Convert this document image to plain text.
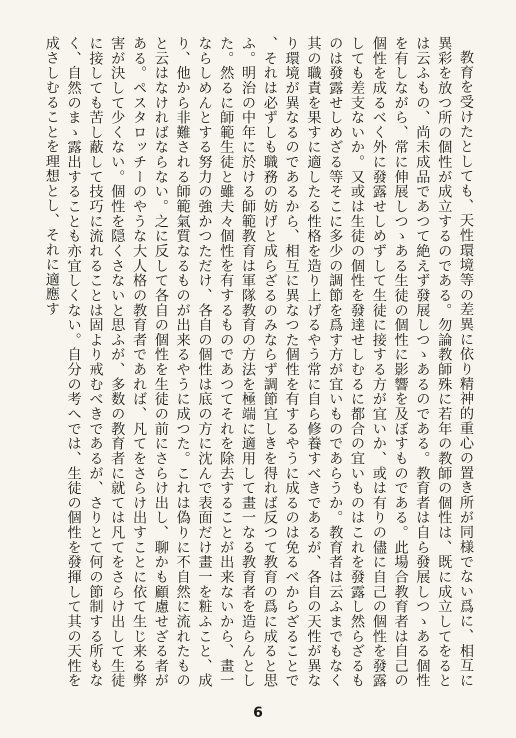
教育を受けたとしても、天性環境等の差異に依り精神的重心の置き所が同様でない爲に、相互に異彩を放つ所の個性が成立するのである。勿論教師殊に若年の教師の個性は、既に成立してをるとは云ふもの、尚未成品であつて絶えず發展しつゝあるのである。教育者は自ら發展しつゝある個性を有しながら、常に伸展しつゝある生徒の個性に影響を及ぼすものである。此場合教育者は自己の個性を成るべく外に發露せしめずして生徒に接する方が宜いか、或は有りの儘に自己の個性を發露しても差支ないか。又或は生徒の個性を發達せしむるに都合の宜いものはこれを發露し然らざるものは發露せしめざる等そこに多少の調節を爲す方が宜いものであらうか。教育者は云ふまでもなく其の職責を果すに適したる性格を造り上げるやう常に自ら修養すべきであるが、各自の天性が異なり環境が異なるのであるから、相互に異なつた個性を有するやうに成るのは免るべからざることで、それは必ずしも職務の妨げと成らざるのみならず調節宜しきを得れば反つて教育の爲に成ると思ふ。明治の中年に於ける師範教育は軍隊教育の方法を極端に適用して畫一なる教育者を造らんとした。然るに師範生徒と雖夫々個性を有するものであつてそれを除去することが出来ないから、畫一ならしめんとする努力の強かつただけ、各自の個性は底の方に沈んで表面だけ畫一を粧ふこと、成り、他から非難される師範氣質なるものが出来るやうに成つた。これは偽りに不自然に流れたものと云はなければならない。之に反して各自の個性を生徒の前にさらけ出し、聊かも顧慮せざる者がある。ペスタロッチーのやうな大人格の教育者であれば、凡てをさらけ出すことに依て生じ来る弊害が決して少くない。個性を隠くさないと思ふが、多数の教育者に就ては凡てをさらけ出して生徒に接しても苦し蔽して技巧に流れることは固より戒むべきであるが、さりとて何の節制する所もなく、自然のまゝ露出することも亦宜しくない。自分の考へでは、生徒の個性を發揮して其の天性を成さしむることを理想とし、それに適應す

6
